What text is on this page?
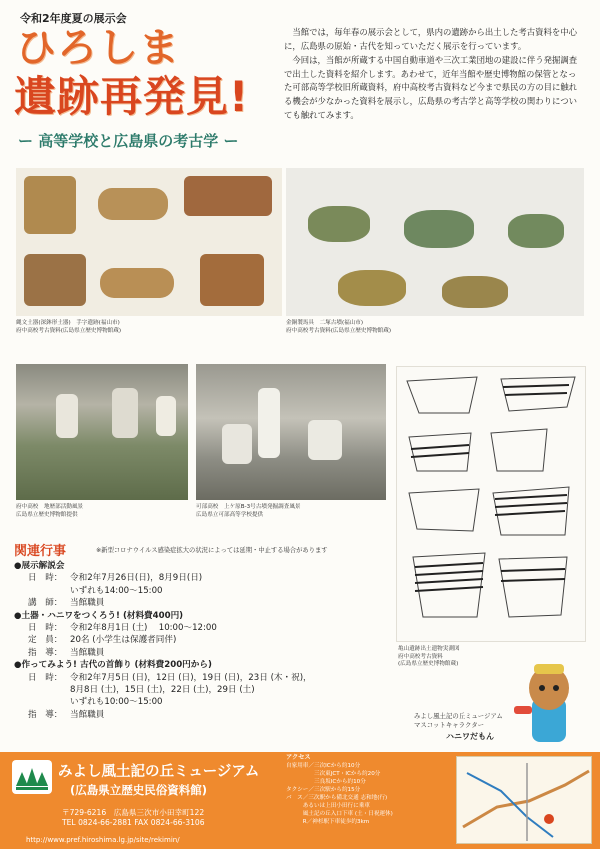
令和2年度夏の展示会
ひろしま
遺跡再発見!
ー 高等学校と広島県の考古学 ー

当館では，毎年春の展示会として，県内の遺跡から出土した考古資料を中心に，広島県の原始・古代を知っていただく展示を行っています。

今回は，当館が所蔵する中国自動車道や三次工業団地の建設に伴う発掘調査で出土した資料を紹介します。あわせて，近年当館や歴史博物館の保管となった可部高等学校旧所蔵資料，府中高校考古資料など今まで県民の方の目に触れる機会が少なかった資料を展示し，広島県の考古学と高等学校の関わりについても触れてみます。

縄文土器(深鉢形土器)　手字遺跡(福山市)
府中高校考古資料(広島県立歴史博物館蔵)
金銅製馬具　二塚古墳(福山市)
府中高校考古資料(広島県立歴史博物館蔵)
府中高校　地歴部活動風景
広島県立歴史博物館提供
可部高校　上ケ原B-3号古墳発掘調査風景
広島県立可部高等学校提供
亀山遺跡出土遺物実測図
府中高校考古資料
(広島県立歴史博物館蔵)
関連行事	※新型コロナウイルス感染症拡大の状況によっては延期・中止する場合があります
●展示解説会
日　時： 令和2年7月26日(日)，8月9日(日)
いずれも14:00～15:00
講　師： 当館職員
●土器・ハニワをつくろう! (材料費400円)
日　時： 令和2年8月1日 (土)　 10:00～12:00
定　員： 20名 (小学生は保護者同伴)
指　導： 当館職員
●作ってみよう! 古代の首飾り (材料費200円から)
日　時： 令和2年7月5日 (日)，12日 (日)，19日 (日)，23日 (木・祝)，
8月8日 (土)，15日 (土)，22日 (土)，29日 (土)
いずれも10:00～15:00
指　導： 当館職員	みよし風土記の丘ミュージアム
マスコットキャラクター
ハニワだもん
みよし風土記の丘ミュージアム
(広島県立歴史民俗資料館)
〒729-6216　広島県三次市小田幸町122
TEL 0824-66-2881 FAX 0824-66-3106
http://www.pref.hiroshima.lg.jp/site/rekimin/
アクセス
自家用車／三次ICから約10分
　　　　　三次東JCT・ICから約20分
　　　　　三良坂ICから約10分
タクシー／三次駅から約15分
バ　ス／三次駅から備北交通 志和地(行)
　　　あるいは上田小田行に乗車
　　　風土記の丘入口下車 (土・日祝運休)
　　　R／神杉駅下車徒歩約3km
